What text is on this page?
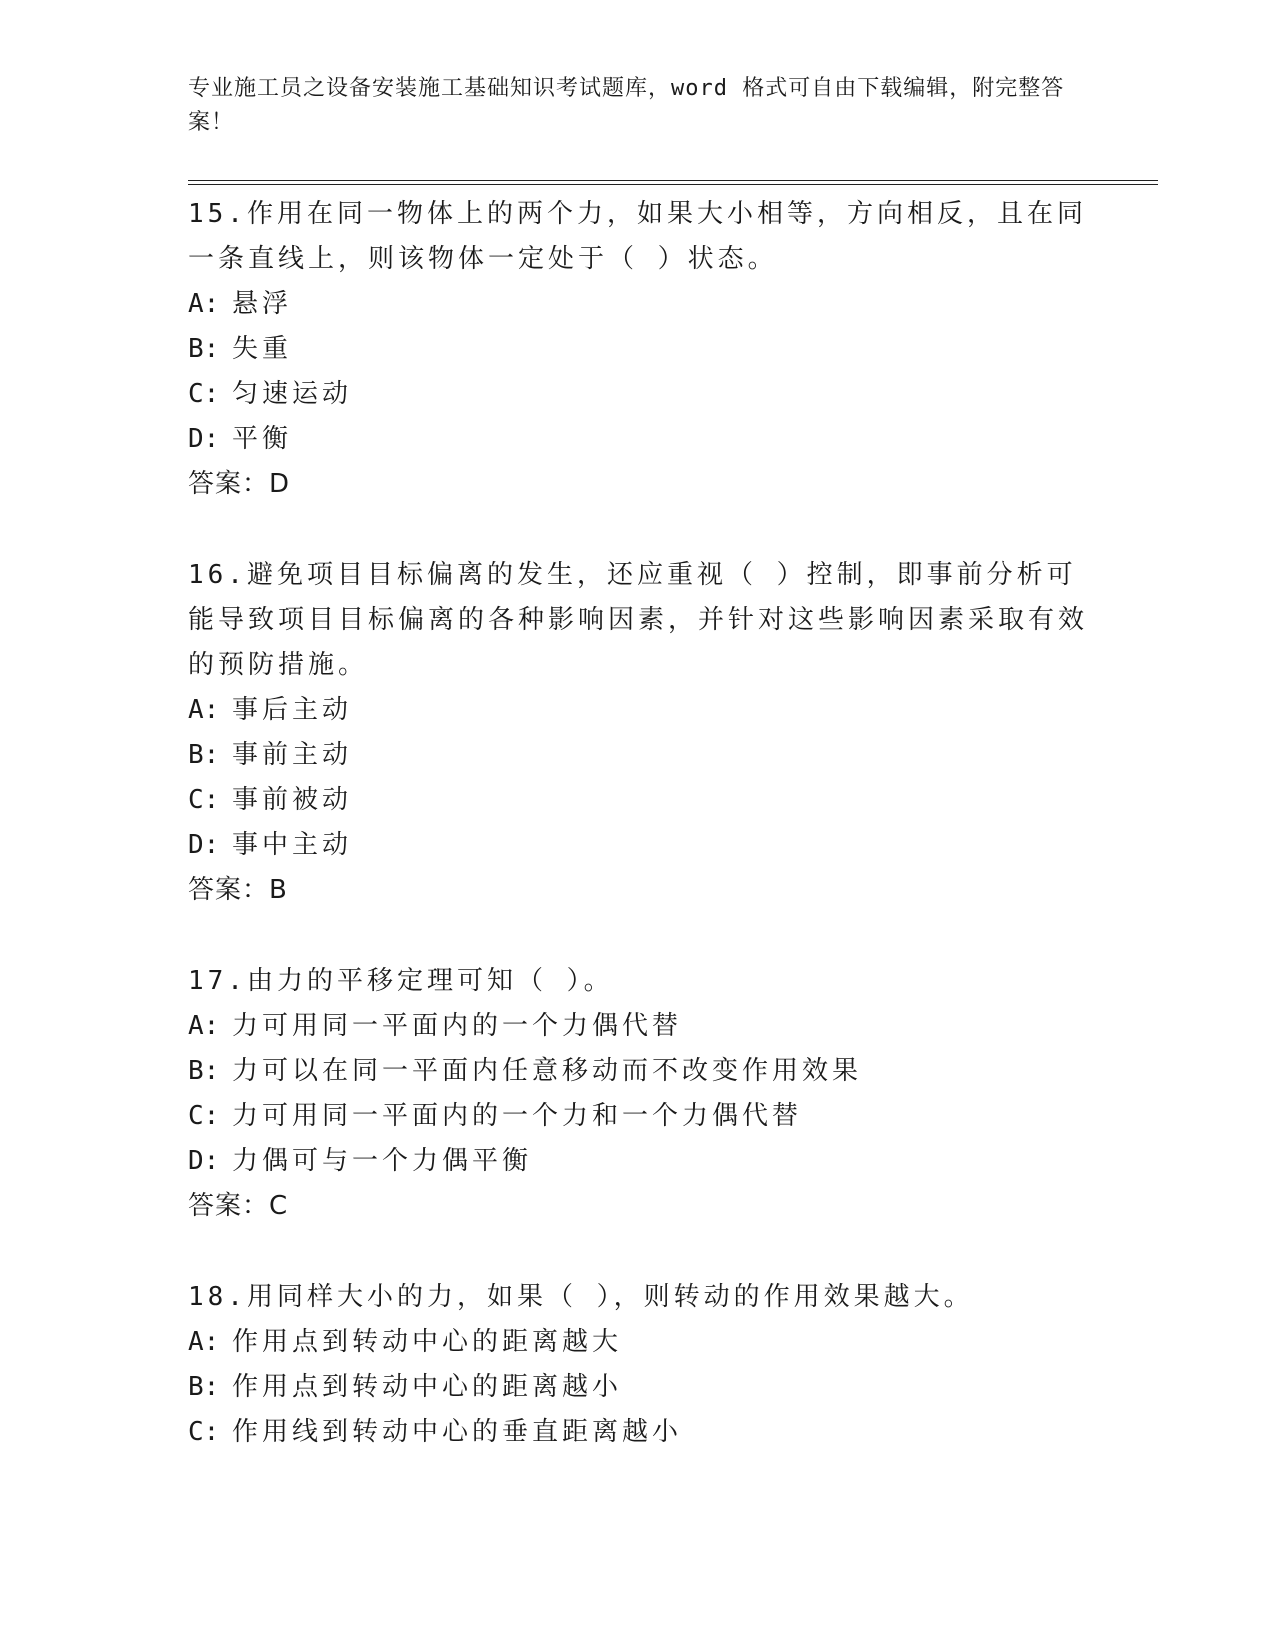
专业施工员之设备安装施工基础知识考试题库，word 格式可自由下载编辑，附完整答案！

15.作用在同一物体上的两个力，如果大小相等，方向相反，且在同一条直线上，则该物体一定处于（ ）状态。

A: 悬浮

B: 失重

C: 匀速运动

D: 平衡

答案：D

16.避免项目目标偏离的发生，还应重视（ ）控制，即事前分析可能导致项目目标偏离的各种影响因素，并针对这些影响因素采取有效的预防措施。

A: 事后主动

B: 事前主动

C: 事前被动

D: 事中主动

答案：B

17.由力的平移定理可知（ ）。

A: 力可用同一平面内的一个力偶代替

B: 力可以在同一平面内任意移动而不改变作用效果

C: 力可用同一平面内的一个力和一个力偶代替

D: 力偶可与一个力偶平衡

答案：C

18.用同样大小的力，如果（ ），则转动的作用效果越大。

A: 作用点到转动中心的距离越大

B: 作用点到转动中心的距离越小

C: 作用线到转动中心的垂直距离越小
